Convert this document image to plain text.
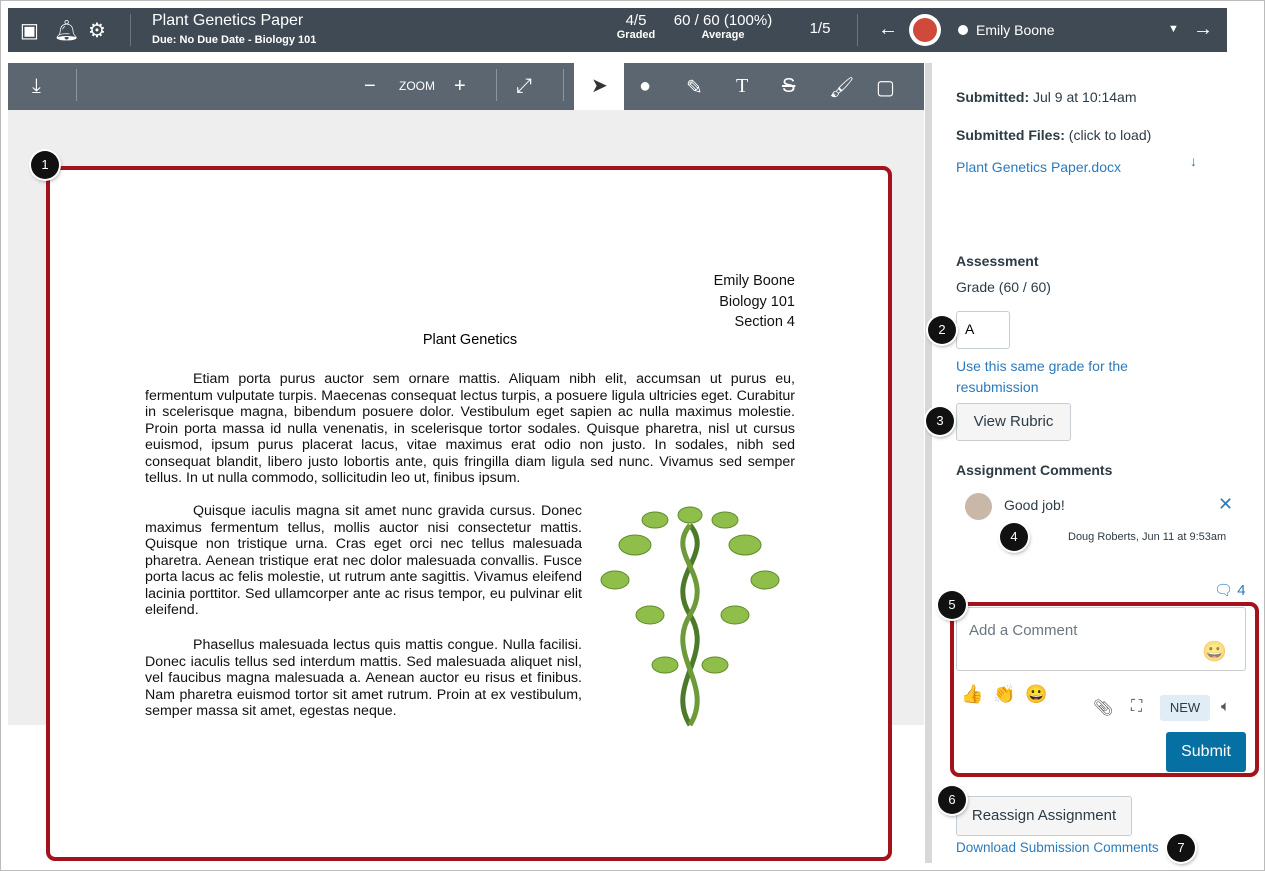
▣ 🔔︎ ⚙	Plant Genetics Paper
Due: No Due Date - Biology 101
4/5
Graded
60 / 60 (100%)
Average	1/5	←	Emily Boone	▼ →
⤓	− ZOOM +	⤢	➤ ● ✎ T S 🖌︎ ▢
Emily Boone
Biology 101
Section 4
Plant Genetics

Etiam porta purus auctor sem ornare mattis. Aliquam nibh elit, accumsan ut purus eu, fermentum vulputate turpis. Maecenas consequat lectus turpis, a posuere ligula ultricies eget. Curabitur in scelerisque magna, bibendum posuere dolor. Vestibulum eget sapien ac nulla maximus molestie. Proin porta massa id nulla venenatis, in scelerisque tortor sodales. Quisque pharetra, nisl ut cursus euismod, ipsum purus placerat lacus, vitae maximus erat odio non justo. In sodales, nibh sed consequat blandit, libero justo lobortis ante, quis fringilla diam ligula sed nunc. Vivamus sed semper tellus. In ut nulla commodo, sollicitudin leo ut, finibus ipsum.

Quisque iaculis magna sit amet nunc gravida cursus. Donec maximus fermentum tellus, mollis auctor nisi consectetur mattis. Quisque non tristique urna. Cras eget orci nec tellus malesuada pharetra. Aenean tristique erat nec dolor malesuada convallis. Fusce porta lacus ac felis molestie, ut rutrum ante sagittis. Vivamus eleifend lacinia porttitor. Sed ullamcorper ante ac risus tempor, eu pulvinar elit eleifend.

Phasellus malesuada lectus quis mattis congue. Nulla facilisi. Donec iaculis tellus sed interdum mattis. Sed malesuada aliquet nisl, vel faucibus magna malesuada a. Aenean auctor eu risus et finibus. Nam pharetra euismod tortor sit amet rutrum. Proin at ex vestibulum, semper massa sit amet, egestas neque.

1
Submitted: Jul 9 at 10:14am
Submitted Files: (click to load)
Plant Genetics Paper.docx	↓
Assessment
Grade (60 / 60)
A
2
Use this same grade for the resubmission
View Rubric
3
Assignment Comments
Good job!	✕
Doug Roberts, Jun 11 at 9:53am
4
🗨︎ 4
Add a Comment
😀
👍 👏 😀
📎︎ ⛶	NEW	🔈︎
Submit
5
Reassign Assignment
6
Download Submission Comments	7
